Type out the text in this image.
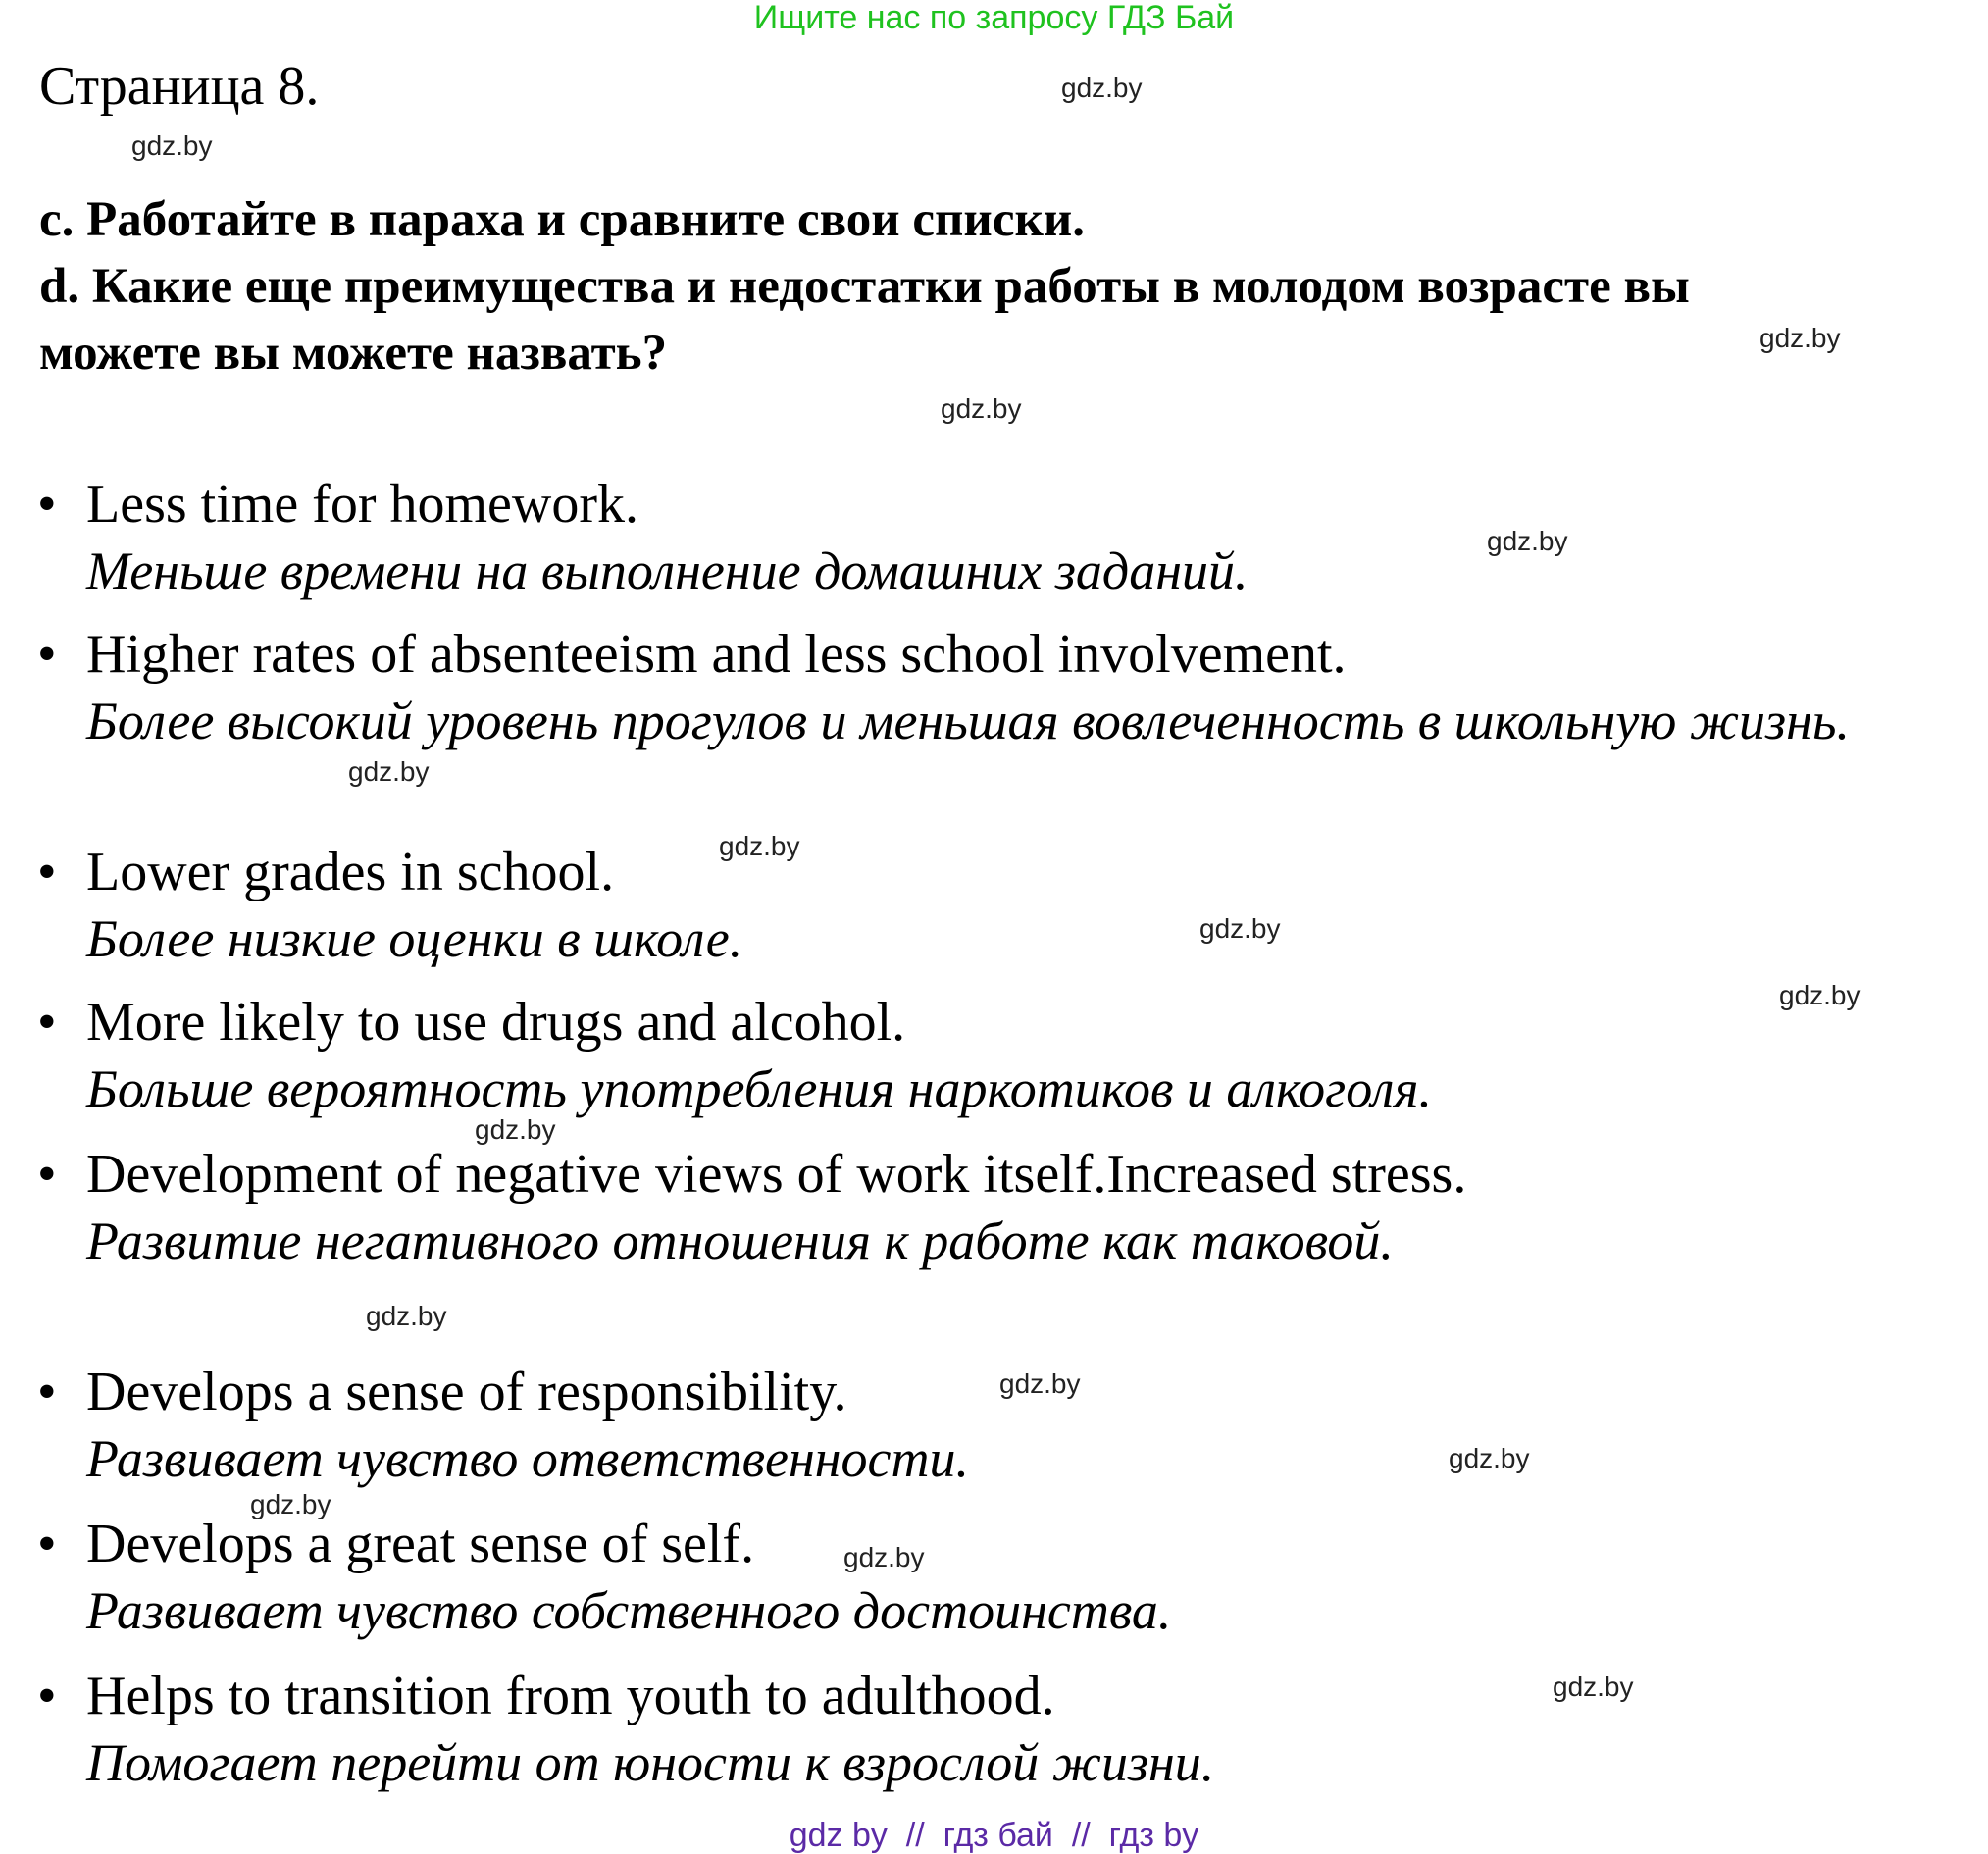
Ищите нас по запросу ГДЗ Бай
Страница 8.
c. Работайте в параха и сравните свои списки.
d. Какие еще преимущества и недостатки работы в молодом возрасте вы
можете вы можете назвать?
• Less time for homework.
Меньше времени на выполнение домашних заданий.
• Higher rates of absenteeism and less school involvement.
Более высокий уровень прогулов и меньшая вовлеченность в школьную жизнь.
• Lower grades in school.
Более низкие оценки в школе.
• More likely to use drugs and alcohol.
Больше вероятность употребления наркотиков и алкоголя.
• Development of negative views of work itself.Increased stress.
Развитие негативного отношения к работе как таковой.
• Develops a sense of responsibility.
Развивает чувство ответственности.
• Develops a great sense of self.
Развивает чувство собственного достоинства.
• Helps to transition from youth to adulthood.
Помогает перейти от юности к взрослой жизни.
gdz.by
gdz.by
gdz.by
gdz.by
gdz.by
gdz.by
gdz.by
gdz.by
gdz.by
gdz.by
gdz.by
gdz.by
gdz.by
gdz.by
gdz.by
gdz.by
gdz by  //  гдз бай  //  гдз by
